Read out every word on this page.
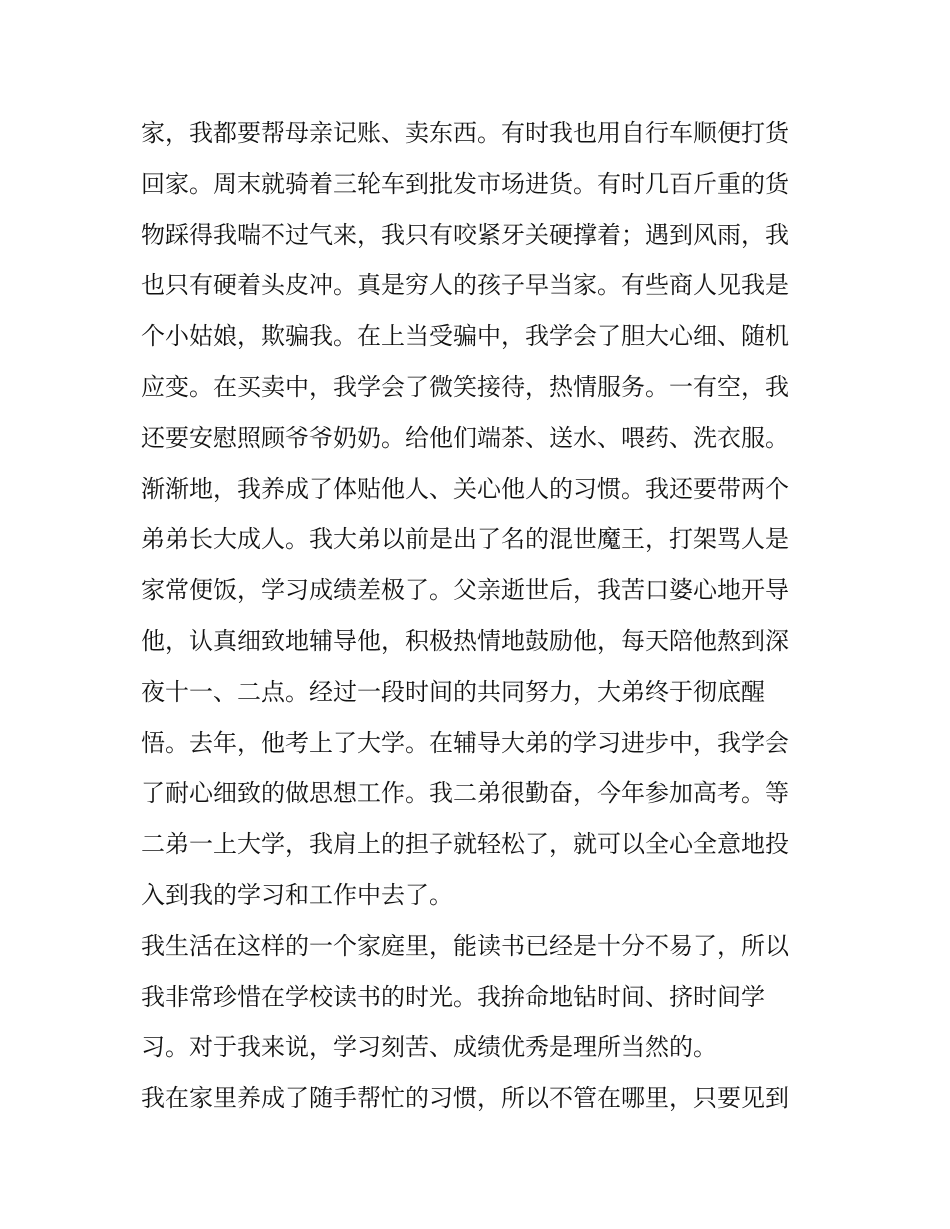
家，我都要帮母亲记账、卖东西。有时我也用自行车顺便打货
回家。周末就骑着三轮车到批发市场进货。有时几百斤重的货
物踩得我喘不过气来，我只有咬紧牙关硬撑着；遇到风雨，我
也只有硬着头皮冲。真是穷人的孩子早当家。有些商人见我是
个小姑娘，欺骗我。在上当受骗中，我学会了胆大心细、随机
应变。在买卖中，我学会了微笑接待，热情服务。一有空，我
还要安慰照顾爷爷奶奶。给他们端茶、送水、喂药、洗衣服。
渐渐地，我养成了体贴他人、关心他人的习惯。我还要带两个
弟弟长大成人。我大弟以前是出了名的混世魔王，打架骂人是
家常便饭，学习成绩差极了。父亲逝世后，我苦口婆心地开导
他，认真细致地辅导他，积极热情地鼓励他，每天陪他熬到深
夜十一、二点。经过一段时间的共同努力，大弟终于彻底醒
悟。去年，他考上了大学。在辅导大弟的学习进步中，我学会
了耐心细致的做思想工作。我二弟很勤奋，今年参加高考。等
二弟一上大学，我肩上的担子就轻松了，就可以全心全意地投
入到我的学习和工作中去了。
我生活在这样的一个家庭里，能读书已经是十分不易了，所以
我非常珍惜在学校读书的时光。我拚命地钻时间、挤时间学
习。对于我来说，学习刻苦、成绩优秀是理所当然的。
我在家里养成了随手帮忙的习惯，所以不管在哪里，只要见到
